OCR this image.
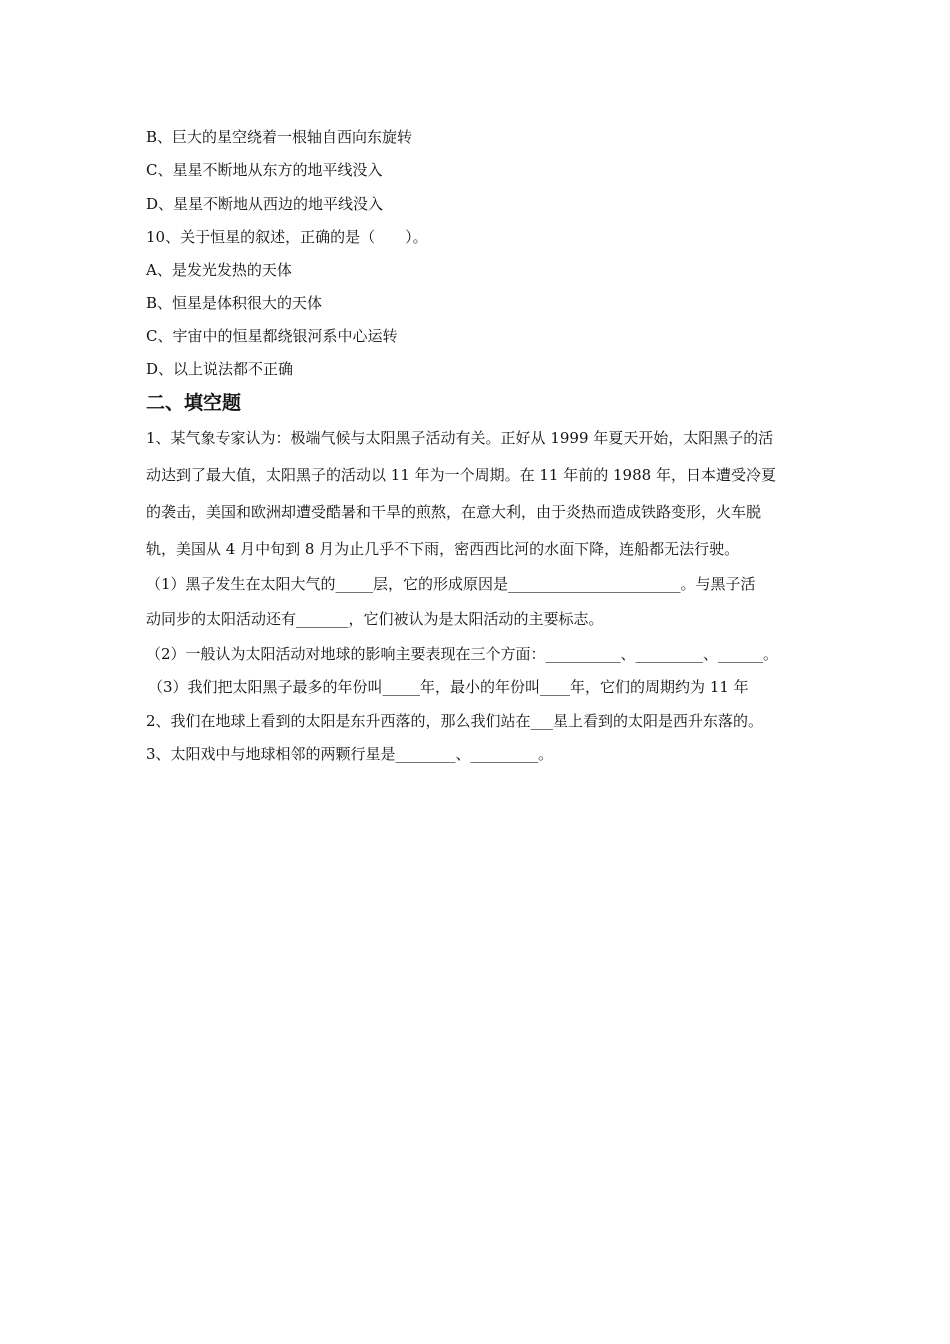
B、巨大的星空绕着一根轴自西向东旋转
C、星星不断地从东方的地平线没入
D、星星不断地从西边的地平线没入
10、关于恒星的叙述，正确的是（　　）。
A、是发光发热的天体
B、恒星是体积很大的天体
C、宇宙中的恒星都绕银河系中心运转
D、以上说法都不正确
二、填空题
1、某气象专家认为：极端气候与太阳黑子活动有关。正好从 1999 年夏天开始，太阳黑子的活
动达到了最大值，太阳黑子的活动以 11 年为一个周期。在 11 年前的 1988 年，日本遭受冷夏
的袭击，美国和欧洲却遭受酷暑和干旱的煎熬，在意大利，由于炎热而造成铁路变形，火车脱
轨，美国从 4 月中旬到 8 月为止几乎不下雨，密西西比河的水面下降，连船都无法行驶。
（1）黑子发生在太阳大气的_____层，它的形成原因是_______________________。与黑子活
动同步的太阳活动还有_______，它们被认为是太阳活动的主要标志。
（2）一般认为太阳活动对地球的影响主要表现在三个方面：__________、_________、______。
（3）我们把太阳黑子最多的年份叫_____年，最小的年份叫____年，它们的周期约为 11 年
2、我们在地球上看到的太阳是东升西落的，那么我们站在___星上看到的太阳是西升东落的。
3、太阳戏中与地球相邻的两颗行星是________、_________。
